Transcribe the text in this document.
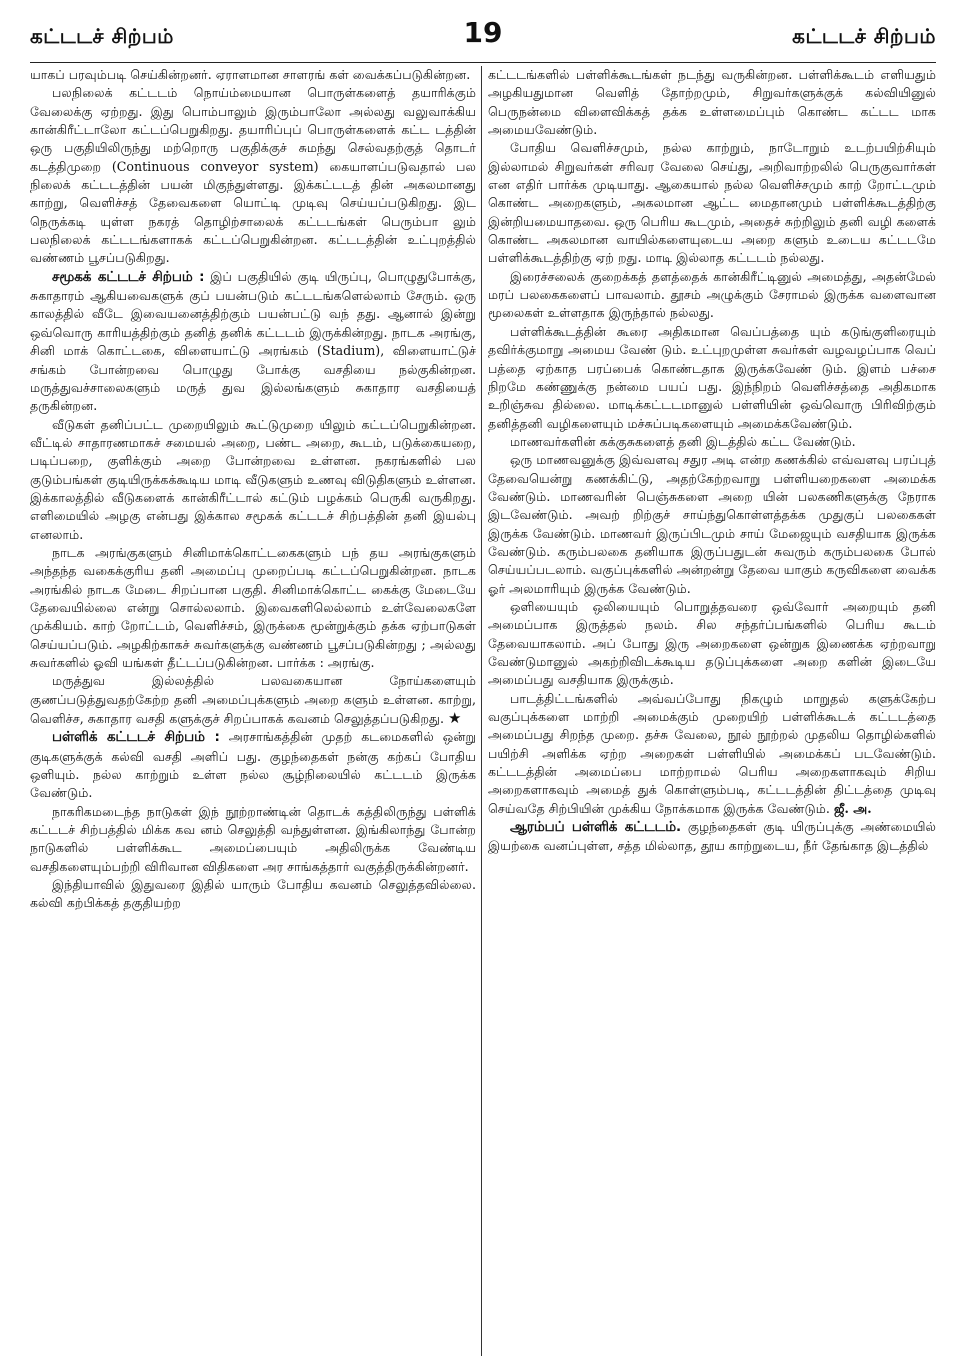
கட்டடச் சிற்பம்	19	கட்டடச் சிற்பம்

யாகப் பரவும்படி செய்கின்றனர். ஏராளமான சாளரங் கள் வைக்கப்படுகின்றன.

பலநிலைக் கட்டடம் நொய்ம்மையான பொருள்களைத் தயாரிக்கும் வேலைக்கு ஏற்றது. இது பொம்பாலும் இரும்பாலோ அல்லது வலுவாக்கிய கான்கிரீட்டாலோ கட்டப்பெறுகிறது. தயாரிப்புப் பொருள்களைக் கட்ட டத்தின் ஒரு பகுதியிலிருந்து மற்றொரு பகுதிக்குச் சுமந்து செல்வதற்குத் தொடர் கடத்திமுறை (Continuous conveyor system) கையாளப்படுவதால் பல நிலைக் கட்டடத்தின் பயன் மிகுந்துள்ளது. இக்கட்டடத் தின் அகலமானது காற்று, வெளிச்சத் தேவைகளை யொட்டி முடிவு செய்யப்படுகிறது. இட நெருக்கடி யுள்ள நகரத் தொழிற்சாலைக் கட்டடங்கள் பெரும்பா லும் பலநிலைக் கட்டடங்களாகக் கட்டப்பெறுகின்றன. கட்டடத்தின் உட்புறத்தில் வண்ணம் பூசப்படுகிறது.

சமூகக் கட்டடச் சிற்பம் : இப் பகுதியில் குடி யிருப்பு, பொழுதுபோக்கு, சுகாதாரம் ஆகியவைகளுக் குப் பயன்படும் கட்டடங்களெல்லாம் சேரும். ஒரு காலத்தில் வீடே இவையனைத்திற்கும் பயன்பட்டு வந் தது. ஆனால் இன்று ஒவ்வொரு காரியத்திற்கும் தனித் தனிக் கட்டடம் இருக்கின்றது. நாடக அரங்கு, சினி மாக் கொட்டகை, விளையாட்டு அரங்கம் (Stadium), விளையாட்டுச் சங்கம் போன்றவை பொழுது போக்கு வசதியை நல்குகின்றன. மருத்துவச்சாலைகளும் மருத் துவ இல்லங்களும் சுகாதார வசதியைத் தருகின்றன.

வீடுகள் தனிப்பட்ட முறையிலும் கூட்டுமுறை யிலும் கட்டப்பெறுகின்றன. வீட்டில் சாதாரணமாகச் சமையல் அறை, பண்ட அறை, கூடம், படுக்கையறை, படிப்பறை, குளிக்கும் அறை போன்றவை உள்ளன. நகரங்களில் பல குடும்பங்கள் குடியிருக்கக்கூடிய மாடி வீடுகளும் உணவு விடுதிகளும் உள்ளன. இக்காலத்தில் வீடுகளைக் கான்கிரீட்டால் கட்டும் பழக்கம் பெருகி வருகிறது. எளிமையில் அழகு என்பது இக்கால சமூகக் கட்டடச் சிற்பத்தின் தனி இயல்பு எனலாம்.

நாடக அரங்குகளும் சினிமாக்கொட்டகைகளும் பந் தய அரங்குகளும் அந்தந்த வகைக்குரிய தனி அமைப்பு முறைப்படி கட்டப்பெறுகின்றன. நாடக அரங்கில் நாடக மேடை சிறப்பான பகுதி. சினிமாக்கொட்ட கைக்கு மேடையே தேவையில்லை என்று சொல்லலாம். இவைகளிலெல்லாம் உள்வேலைகளே முக்கியம். காற் றோட்டம், வெளிச்சம், இருக்கை மூன்றுக்கும் தக்க ஏற்பாடுகள் செய்யப்படும். அழகிற்காகச் சுவர்களுக்கு வண்ணம் பூசப்படுகின்றது ; அல்லது சுவர்களில் ஓவி யங்கள் தீட்டப்படுகின்றன. பார்க்க : அரங்கு.

மருத்துவ இல்லத்தில் பலவகையான நோய்களையும் குணப்படுத்துவதற்கேற்ற தனி அமைப்புக்களும் அறை களும் உள்ளன. காற்று, வெளிச்ச, சுகாதார வசதி களுக்குச் சிறப்பாகக் கவனம் செலுத்தப்படுகிறது. ★

பள்ளிக் கட்டடச் சிற்பம் : அரசாங்கத்தின் முதற் கடமைகளில் ஒன்று குடிகளுக்குக் கல்வி வசதி அளிப் பது. குழந்தைகள் நன்கு கற்கப் போதிய ஒளியும். நல்ல காற்றும் உள்ள நல்ல சூழ்நிலையில் கட்டடம் இருக்க வேண்டும்.

நாகரிகமடைந்த நாடுகள் இந் நூற்றாண்டின் தொடக் கத்திலிருந்து பள்ளிக் கட்டடச் சிற்பத்தில் மிக்க கவ னம் செலுத்தி வந்துள்ளன. இங்கிலாந்து போன்ற நாடுகளில் பள்ளிக்கூட அமைப்பையும் அதிலிருக்க வேண்டிய வசதிகளையும்பற்றி விரிவான விதிகளை அர சாங்கத்தார் வகுத்திருக்கின்றனர்.

இந்தியாவில் இதுவரை இதில் யாரும் போதிய கவனம் செலுத்தவில்லை. கல்வி கற்பிக்கத் தகுதியற்ற

கட்டடங்களில் பள்ளிக்கூடங்கள் நடந்து வருகின்றன. பள்ளிக்கூடம் எளியதும் அழகியதுமான வெளித் தோற்றமும், சிறுவர்களுக்குக் கல்வியினுல் பெருநன்மை விளைவிக்கத் தக்க உள்ளமைப்பும் கொண்ட கட்டட மாக அமையவேண்டும்.

போதிய வெளிச்சமும், நல்ல காற்றும், நாடோறும் உடற்பயிற்சியும் இல்லாமல் சிறுவர்கள் சரிவர வேலை செய்து, அறிவாற்றலில் பெருகுவார்கள் என எதிர் பார்க்க முடியாது. ஆகையால் நல்ல வெளிச்சமும் காற் றோட்டமும் கொண்ட அறைகளும், அகலமான ஆட்ட மைதானமும் பள்ளிக்கூடத்திற்கு இன்றியமையாதவை. ஒரு பெரிய கூடமும், அதைச் சுற்றிலும் தனி வழி களைக் கொண்ட அகலமான வாயில்களையுடைய அறை களும் உடைய கட்டடமே பள்ளிக்கூடத்திற்கு ஏற் றது. மாடி இல்லாத கட்டடம் நல்லது.

இரைச்சலைக் குறைக்கத் தளத்தைக் கான்கிரீட்டினுல் அமைத்து, அதன்மேல் மரப் பலகைகளைப் பாவலாம். தூசம் அழுக்கும் சேராமல் இருக்க வளைவான மூலைகள் உள்ளதாக இருந்தால் நல்லது.

பள்ளிக்கூடத்தின் கூரை அதிகமான வெப்பத்தை யும் கடுங்குளிரையும் தவிர்க்குமாறு அமைய வேண் டும். உட்புறமுள்ள சுவர்கள் வழவழப்பாக வெப் பத்தை ஏற்காத பரப்பைக் கொண்டதாக இருக்கவேண் டும். இளம் பச்சை நிறமே கண்ணுக்கு நன்மை பயப் பது. இந்நிறம் வெளிச்சத்தை அதிகமாக உறிஞ்சுவ தில்லை. மாடிக்கட்டடமானுல் பள்ளியின் ஒவ்வொரு பிரிவிற்கும் தனித்தனி வழிகளையும் மச்சுப்படிகளையும் அமைக்கவேண்டும்.

மாணவர்களின் கக்குசுகளைத் தனி இடத்தில் கட்ட வேண்டும்.

ஒரு மாணவனுக்கு இவ்வளவு சதுர அடி என்ற கணக்கில் எவ்வளவு பரப்புத் தேவையென்று கணக்கிட்டு, அதற்கேற்றவாறு பள்ளியறைகளை அமைக்க வேண்டும். மாணவரின் பெஞ்சுகளை அறை யின் பலகணிகளுக்கு நேராக இடவேண்டும். அவற் றிற்குச் சாய்ந்துகொள்ளத்தக்க முதுகுப் பலகைகள் இருக்க வேண்டும். மாணவர் இருப்பிடமும் சாய் மேஜையும் வசதியாக இருக்க வேண்டும். கரும்பலகை தனியாக இருப்பதுடன் சுவரும் கரும்பலகை போல் செய்யப்படலாம். வகுப்புக்களில் அன்றன்று தேவை யாகும் கருவிகளை வைக்க ஓர் அலமாரியும் இருக்க வேண்டும்.

ஒளியையும் ஒலியையும் பொறுத்தவரை ஒவ்வோர் அறையும் தனி அமைப்பாக இருத்தல் நலம். சில சந்தர்ப்பங்களில் பெரிய கூடம் தேவையாகலாம். அப் போது இரு அறைகளை ஒன்றுக இணைக்க ஏற்றவாறு வேண்டுமானுல் அகற்றிவிடக்கூடிய தடுப்புக்களை அறை களின் இடையே அமைப்பது வசதியாக இருக்கும்.

பாடத்திட்டங்களில் அவ்வப்போது நிகழும் மாறுதல் களுக்கேற்ப வகுப்புக்களை மாற்றி அமைக்கும் முறையிற் பள்ளிக்கூடக் கட்டடத்தை அமைப்பது சிறந்த முறை. தச்சு வேலை, நூல் நூற்றல் முதலிய தொழில்களில் பயிற்சி அளிக்க ஏற்ற அறைகள் பள்ளியில் அமைக்கப் படவேண்டும். கட்டடத்தின் அமைப்பை மாற்றாமல் பெரிய அறைகளாகவும் சிறிய அறைகளாகவும் அமைத் துக் கொள்ளும்படி, கட்டடத்தின் திட்டத்தை முடிவு செய்வதே சிற்பியின் முக்கிய நோக்கமாக இருக்க வேண்டும். ஜீ. அ.

ஆரம்பப் பள்ளிக் கட்டடம். குழந்தைகள் குடி யிருப்புக்கு அண்மையில் இயற்கை வனப்புள்ள, சத்த மில்லாத, தூய காற்றுடைய, நீர் தேங்காத இடத்தில்
